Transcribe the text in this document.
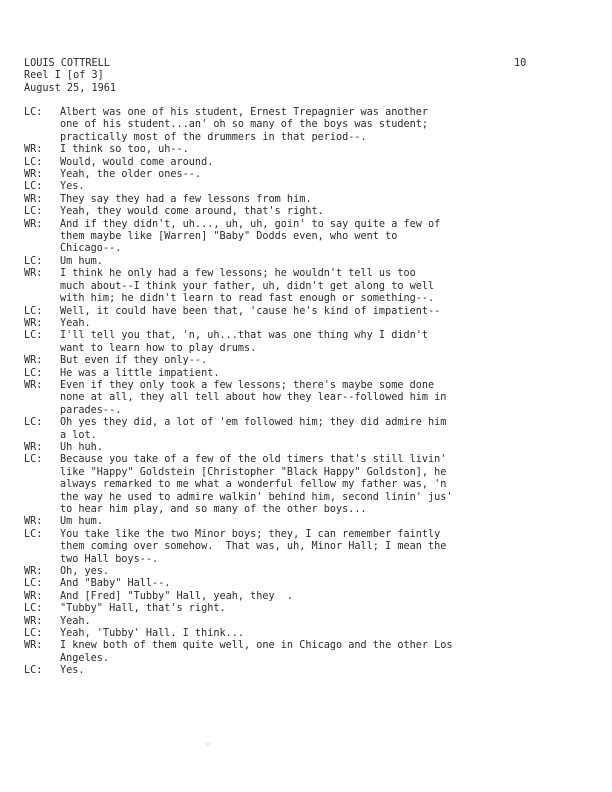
LOUIS COTTRELL
Reel I [of 3]
August 25, 1961
10
LC:	Albert was one of his student, Ernest Trepagnier was another
one of his student...an' oh so many of the boys was student;
practically most of the drummers in that period--.
WR:	I think so too, uh--.
LC:	Would, would come around.
WR:	Yeah, the older ones--.
LC:	Yes.
WR:	They say they had a few lessons from him.
LC:	Yeah, they would come around, that's right.
WR:	And if they didn't, uh..., uh, uh, goin' to say quite a few of
them maybe like [Warren] "Baby" Dodds even, who went to
Chicago--.
LC:	Um hum.
WR:	I think he only had a few lessons; he wouldn't tell us too
much about--I think your father, uh, didn't get along to well
with him; he didn't learn to read fast enough or something--.
LC:	Well, it could have been that, 'cause he's kind of impatient--
WR:	Yeah.
LC:	I'll tell you that, 'n, uh...that was one thing why I didn't
want to learn how to play drums.
WR:	But even if they only--.
LC:	He was a little impatient.
WR:	Even if they only took a few lessons; there's maybe some done
none at all, they all tell about how they lear--followed him in
parades--.
LC:	Oh yes they did, a lot of 'em followed him; they did admire him
a lot.
WR:	Uh huh.
LC:	Because you take of a few of the old timers that's still livin'
like "Happy" Goldstein [Christopher "Black Happy" Goldston], he
always remarked to me what a wonderful fellow my father was, 'n
the way he used to admire walkin' behind him, second linin' jus'
to hear him play, and so many of the other boys...
WR:	Um hum.
LC:	You take like the two Minor boys; they, I can remember faintly
them coming over somehow.  That was, uh, Minor Hall; I mean the
two Hall boys--.
WR:	Oh, yes.
LC:	And "Baby" Hall--.
WR:	And [Fred] "Tubby" Hall, yeah, they  .
LC:	"Tubby" Hall, that's right.
WR:	Yeah.
LC:	Yeah, 'Tubby' Hall. I think...
WR:	I knew both of them quite well, one in Chicago and the other Los
Angeles.
LC:	Yes.
▫
